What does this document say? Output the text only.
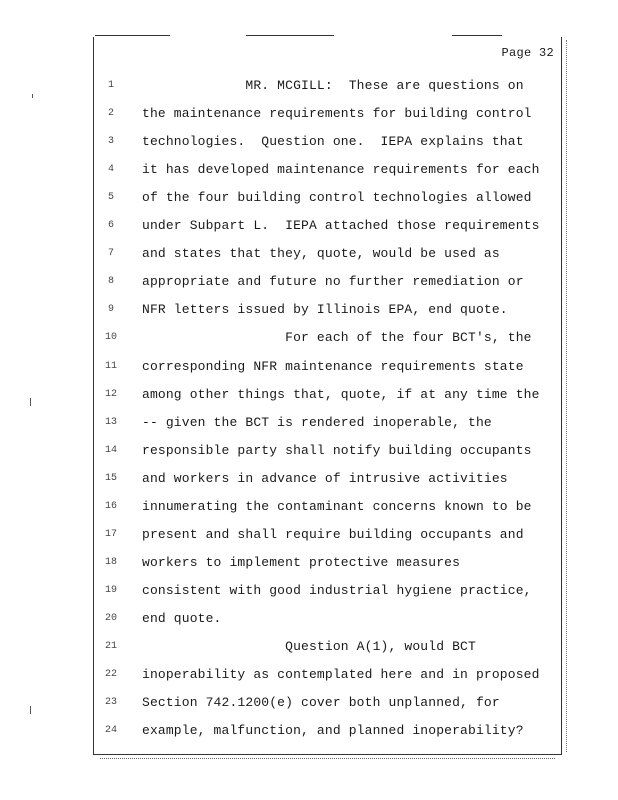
Page 32
1	MR. MCGILL:  These are questions on
2	the maintenance requirements for building control
3	technologies.  Question one.  IEPA explains that
4	it has developed maintenance requirements for each
5	of the four building control technologies allowed
6	under Subpart L.  IEPA attached those requirements
7	and states that they, quote, would be used as
8	appropriate and future no further remediation or
9	NFR letters issued by Illinois EPA, end quote.
10	For each of the four BCT's, the
11	corresponding NFR maintenance requirements state
12	among other things that, quote, if at any time the
13	-- given the BCT is rendered inoperable, the
14	responsible party shall notify building occupants
15	and workers in advance of intrusive activities
16	innumerating the contaminant concerns known to be
17	present and shall require building occupants and
18	workers to implement protective measures
19	consistent with good industrial hygiene practice,
20	end quote.
21	Question A(1), would BCT
22	inoperability as contemplated here and in proposed
23	Section 742.1200(e) cover both unplanned, for
24	example, malfunction, and planned inoperability?
